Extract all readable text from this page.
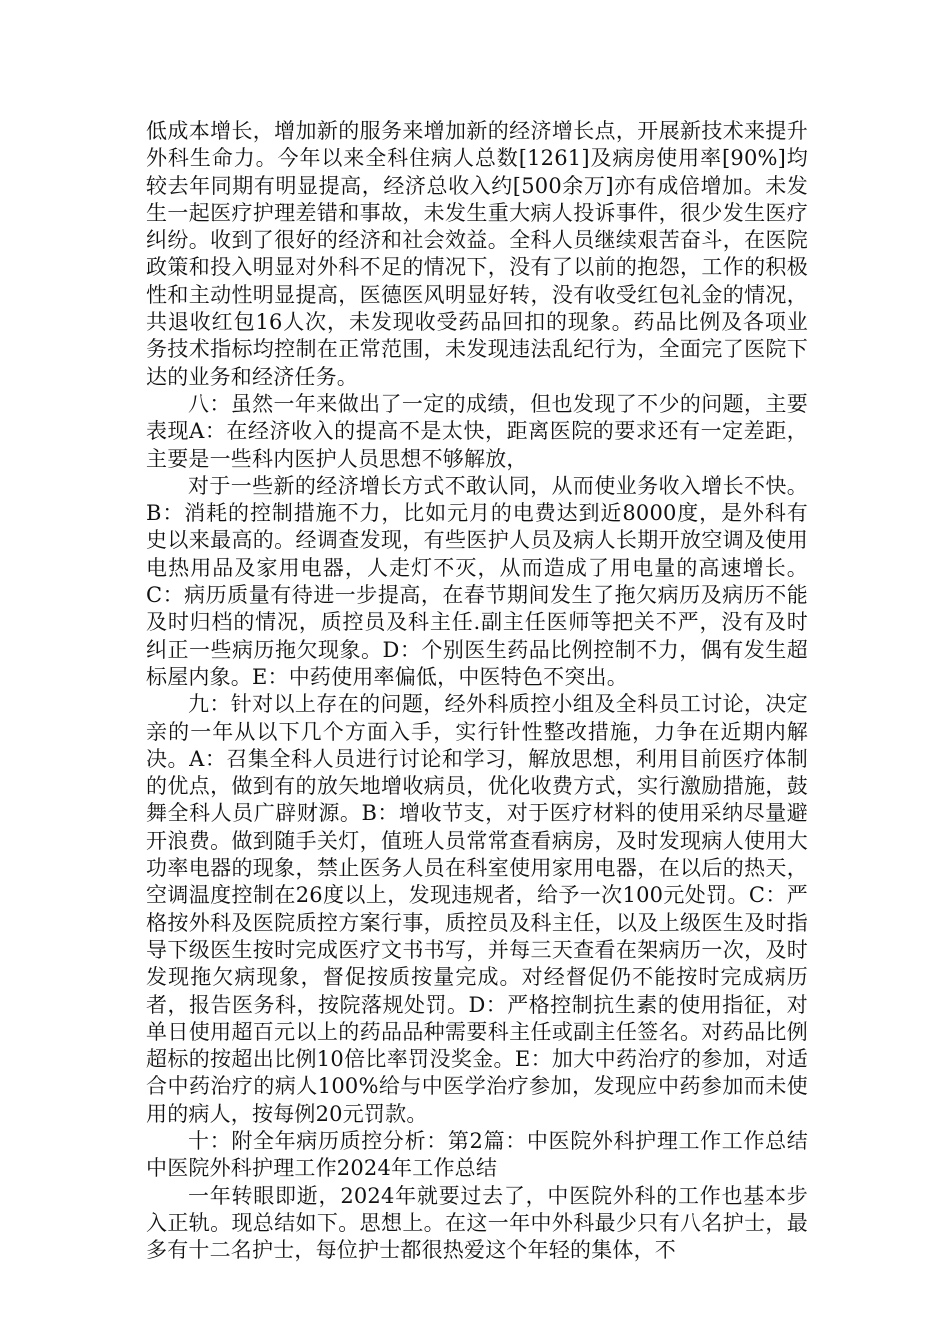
低成本增长，增加新的服务来增加新的经济增长点，开展新技术来提升外科生命力。今年以来全科住病人总数[1261]及病房使用率[90%]均较去年同期有明显提高，经济总收入约[500余万]亦有成倍增加。未发生一起医疗护理差错和事故，未发生重大病人投诉事件，很少发生医疗纠纷。收到了很好的经济和社会效益。全科人员继续艰苦奋斗，在医院政策和投入明显对外科不足的情况下，没有了以前的抱怨，工作的积极性和主动性明显提高，医德医风明显好转，没有收受红包礼金的情况，共退收红包16人次，未发现收受药品回扣的现象。药品比例及各项业务技术指标均控制在正常范围，未发现违法乱纪行为，全面完了医院下达的业务和经济任务。

八：虽然一年来做出了一定的成绩，但也发现了不少的问题，主要表现A：在经济收入的提高不是太快，距离医院的要求还有一定差距，主要是一些科内医护人员思想不够解放，

对于一些新的经济增长方式不敢认同，从而使业务收入增长不快。B：消耗的控制措施不力，比如元月的电费达到近8000度，是外科有史以来最高的。经调查发现，有些医护人员及病人长期开放空调及使用电热用品及家用电器，人走灯不灭，从而造成了用电量的高速增长。C：病历质量有待进一步提高，在春节期间发生了拖欠病历及病历不能及时归档的情况，质控员及科主任.副主任医师等把关不严，没有及时纠正一些病历拖欠现象。D：个别医生药品比例控制不力，偶有发生超标屋内象。E：中药使用率偏低，中医特色不突出。

九：针对以上存在的问题，经外科质控小组及全科员工讨论，决定亲的一年从以下几个方面入手，实行针性整改措施，力争在近期内解决。A：召集全科人员进行讨论和学习，解放思想，利用目前医疗体制的优点，做到有的放矢地增收病员，优化收费方式，实行激励措施，鼓舞全科人员广辟财源。B：增收节支，对于医疗材料的使用采纳尽量避开浪费。做到随手关灯，值班人员常常查看病房，及时发现病人使用大功率电器的现象，禁止医务人员在科室使用家用电器，在以后的热天，空调温度控制在26度以上，发现违规者，给予一次100元处罚。C：严格按外科及医院质控方案行事，质控员及科主任，以及上级医生及时指导下级医生按时完成医疗文书书写，并每三天查看在架病历一次，及时发现拖欠病现象，督促按质按量完成。对经督促仍不能按时完成病历者，报告医务科，按院落规处罚。D：严格控制抗生素的使用指征，对单日使用超百元以上的药品品种需要科主任或副主任签名。对药品比例超标的按超出比例10倍比率罚没奖金。E：加大中药治疗的参加，对适合中药治疗的病人100%给与中医学治疗参加，发现应中药参加而未使用的病人，按每例20元罚款。

十：附全年病历质控分析：第2篇：中医院外科护理工作工作总结中医院外科护理工作2024年工作总结

一年转眼即逝，2024年就要过去了，中医院外科的工作也基本步入正轨。现总结如下。思想上。在这一年中外科最少只有八名护士，最多有十二名护士，每位护士都很热爱这个年轻的集体，不
